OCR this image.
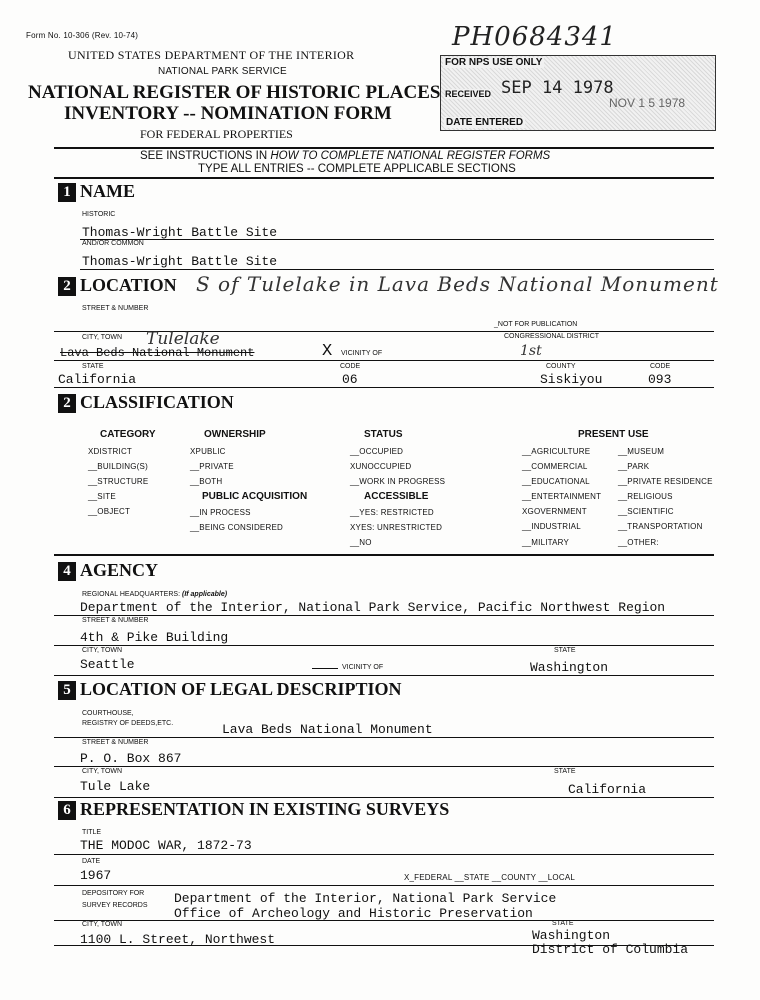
Form No. 10-306 (Rev. 10-74)
UNITED STATES DEPARTMENT OF THE INTERIOR
NATIONAL PARK SERVICE
NATIONAL REGISTER OF HISTORIC PLACES
INVENTORY -- NOMINATION FORM
FOR FEDERAL PROPERTIES
PH0684341
FOR NPS USE ONLY
RECEIVED SEP 14 1978
NOV 1 5 1978
DATE ENTERED
SEE INSTRUCTIONS IN HOW TO COMPLETE NATIONAL REGISTER FORMS
TYPE ALL ENTRIES -- COMPLETE APPLICABLE SECTIONS
1 NAME
HISTORIC
Thomas-Wright Battle Site
AND/OR COMMON
Thomas-Wright Battle Site
2 LOCATION S of Tulelake in Lava Beds National Monument
STREET & NUMBER
_NOT FOR PUBLICATION
CITY, TOWN Tulelake
Lava Beds National Monument	X VICINITY OF
CONGRESSIONAL DISTRICT
1st
STATE	CODE	COUNTY	CODE
California	06	Siskiyou	093
2 CLASSIFICATION
CATEGORY
XDISTRICT
__BUILDING(S)
__STRUCTURE
__SITE
__OBJECT
OWNERSHIP
XPUBLIC
__PRIVATE
__BOTH
PUBLIC ACQUISITION
__IN PROCESS
__BEING CONSIDERED
STATUS
__OCCUPIED
XUNOCCUPIED
__WORK IN PROGRESS
ACCESSIBLE
__YES: RESTRICTED
XYES: UNRESTRICTED
__NO
PRESENT USE
__AGRICULTURE
__COMMERCIAL
__EDUCATIONAL
__ENTERTAINMENT
XGOVERNMENT
__INDUSTRIAL
__MILITARY
__MUSEUM
__PARK
__PRIVATE RESIDENCE
__RELIGIOUS
__SCIENTIFIC
__TRANSPORTATION
__OTHER:
4 AGENCY
REGIONAL HEADQUARTERS: (If applicable)
Department of the Interior, National Park Service, Pacific Northwest Region
STREET & NUMBER
4th & Pike Building
CITY, TOWN	STATE
Seattle	VICINITY OF	Washington
5 LOCATION OF LEGAL DESCRIPTION
COURTHOUSE,
REGISTRY OF DEEDS,ETC.	Lava Beds National Monument
STREET & NUMBER
P. O. Box 867
CITY, TOWN	STATE
Tule Lake	California
6 REPRESENTATION IN EXISTING SURVEYS
TITLE
THE MODOC WAR, 1872-73
DATE
1967	X_FEDERAL __STATE __COUNTY __LOCAL
DEPOSITORY FOR
SURVEY RECORDS Department of the Interior, National Park Service
Office of Archeology and Historic Preservation
CITY, TOWN	STATE
1100 L. Street, Northwest	Washington
District of Columbia
